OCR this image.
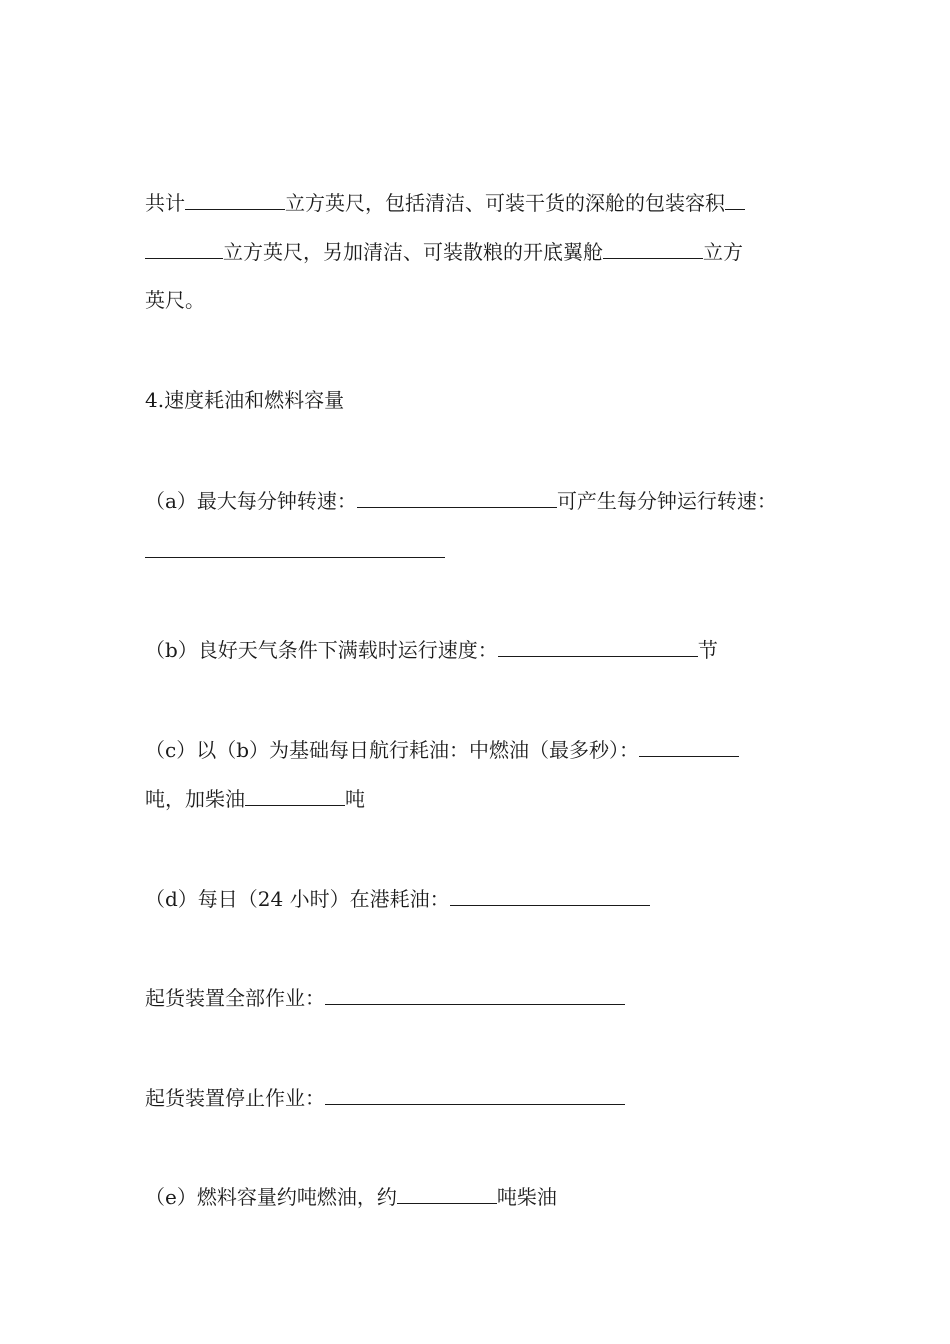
共计	立方英尺，包括清洁、可装干货的深舱的包装容积
立方英尺，另加清洁、可装散粮的开底翼舱	立方
英尺。
4.速度耗油和燃料容量
（a）最大每分钟转速：	可产生每分钟运行转速：
（b）良好天气条件下满载时运行速度：	节
（c）以（b）为基础每日航行耗油：中燃油（最多秒）：
吨，加柴油	吨
（d）每日（24 小时）在港耗油：
起货装置全部作业：
起货装置停止作业：
（e）燃料容量约吨燃油，约	吨柴油
